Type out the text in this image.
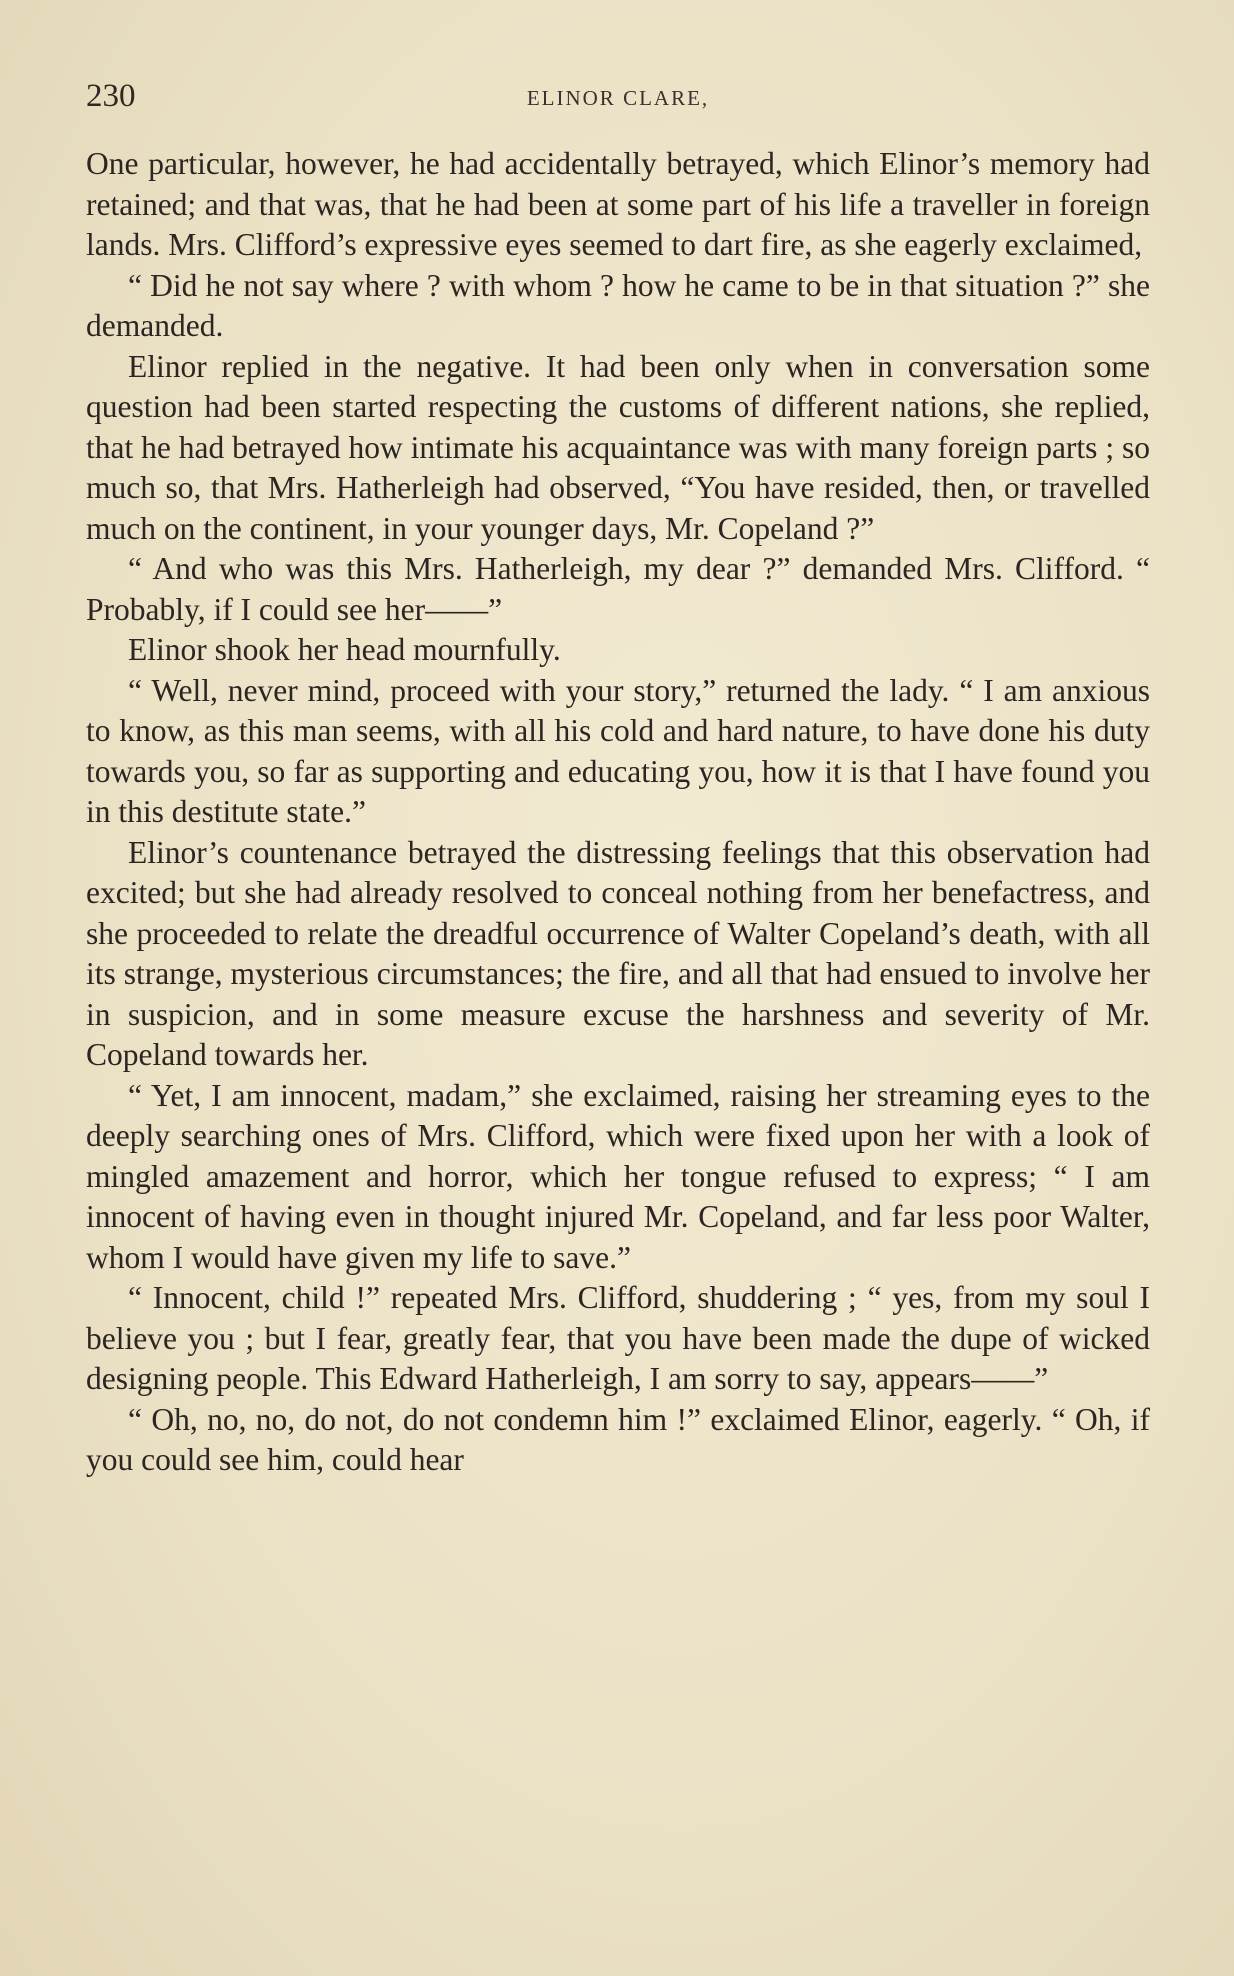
230	ELINOR CLARE,

One particular, however, he had accidentally betrayed, which Elinor’s memory had retained; and that was, that he had been at some part of his life a traveller in foreign lands. Mrs. Clifford’s expressive eyes seemed to dart fire, as she eagerly exclaimed,

“ Did he not say where ? with whom ? how he came to be in that situation ?” she demanded.

Elinor replied in the negative. It had been only when in conversation some question had been started respecting the customs of different nations, she replied, that he had betrayed how intimate his acquaintance was with many foreign parts ; so much so, that Mrs. Hatherleigh had observed, “You have resided, then, or travelled much on the continent, in your younger days, Mr. Copeland ?”

“ And who was this Mrs. Hatherleigh, my dear ?” demanded Mrs. Clifford. “ Probably, if I could see her——”

Elinor shook her head mournfully.

“ Well, never mind, proceed with your story,” returned the lady. “ I am anxious to know, as this man seems, with all his cold and hard nature, to have done his duty towards you, so far as supporting and educating you, how it is that I have found you in this destitute state.”

Elinor’s countenance betrayed the distressing feelings that this observation had excited; but she had already resolved to conceal nothing from her benefactress, and she proceeded to relate the dreadful occurrence of Walter Copeland’s death, with all its strange, mysterious circumstances; the fire, and all that had ensued to involve her in suspicion, and in some measure excuse the harshness and severity of Mr. Copeland towards her.

“ Yet, I am innocent, madam,” she exclaimed, raising her streaming eyes to the deeply searching ones of Mrs. Clifford, which were fixed upon her with a look of mingled amazement and horror, which her tongue refused to express; “ I am innocent of having even in thought injured Mr. Copeland, and far less poor Walter, whom I would have given my life to save.”

“ Innocent, child !” repeated Mrs. Clifford, shuddering ; “ yes, from my soul I believe you ; but I fear, greatly fear, that you have been made the dupe of wicked designing people. This Edward Hatherleigh, I am sorry to say, appears——”

“ Oh, no, no, do not, do not condemn him !” exclaimed Elinor, eagerly. “ Oh, if you could see him, could hear
